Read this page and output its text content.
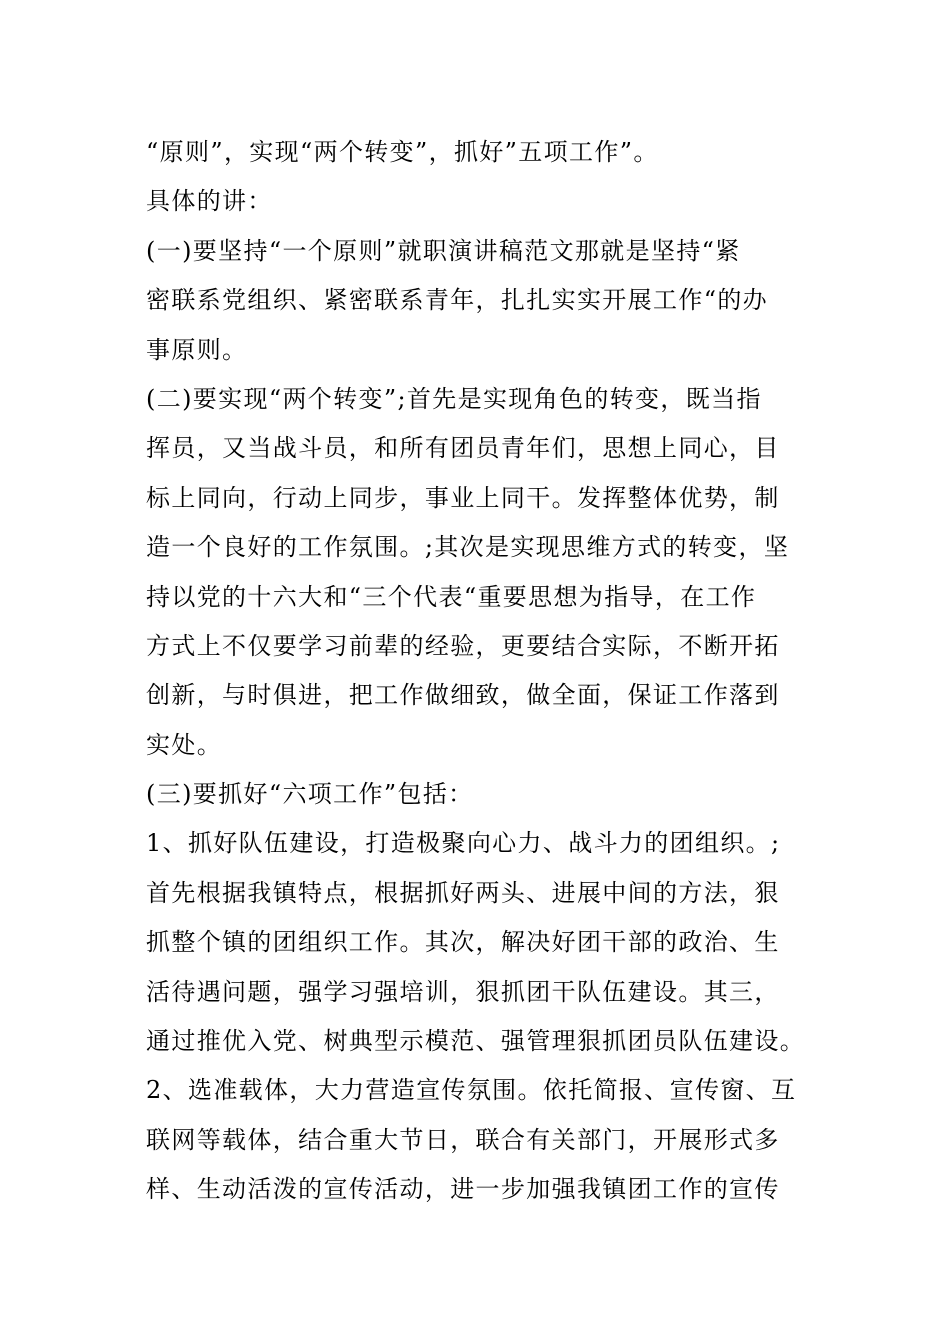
“原则”，实现“两个转变”，抓好”五项工作”。
具体的讲：
(一)要坚持“一个原则”就职演讲稿范文那就是坚持“紧
密联系党组织、紧密联系青年，扎扎实实开展工作“的办
事原则。
(二)要实现“两个转变”;首先是实现角色的转变，既当指
挥员，又当战斗员，和所有团员青年们，思想上同心，目
标上同向，行动上同步，事业上同干。发挥整体优势，制
造一个良好的工作氛围。;其次是实现思维方式的转变，坚
持以党的十六大和“三个代表“重要思想为指导，在工作
方式上不仅要学习前辈的经验，更要结合实际，不断开拓
创新，与时俱进，把工作做细致，做全面，保证工作落到
实处。
(三)要抓好“六项工作”包括：
1、抓好队伍建设，打造极聚向心力、战斗力的团组织。;
首先根据我镇特点，根据抓好两头、进展中间的方法，狠
抓整个镇的团组织工作。其次，解决好团干部的政治、生
活待遇问题，强学习强培训，狠抓团干队伍建设。其三，
通过推优入党、树典型示模范、强管理狠抓团员队伍建设。
2、选准载体，大力营造宣传氛围。依托简报、宣传窗、互
联网等载体，结合重大节日，联合有关部门，开展形式多
样、生动活泼的宣传活动，进一步加强我镇团工作的宣传
